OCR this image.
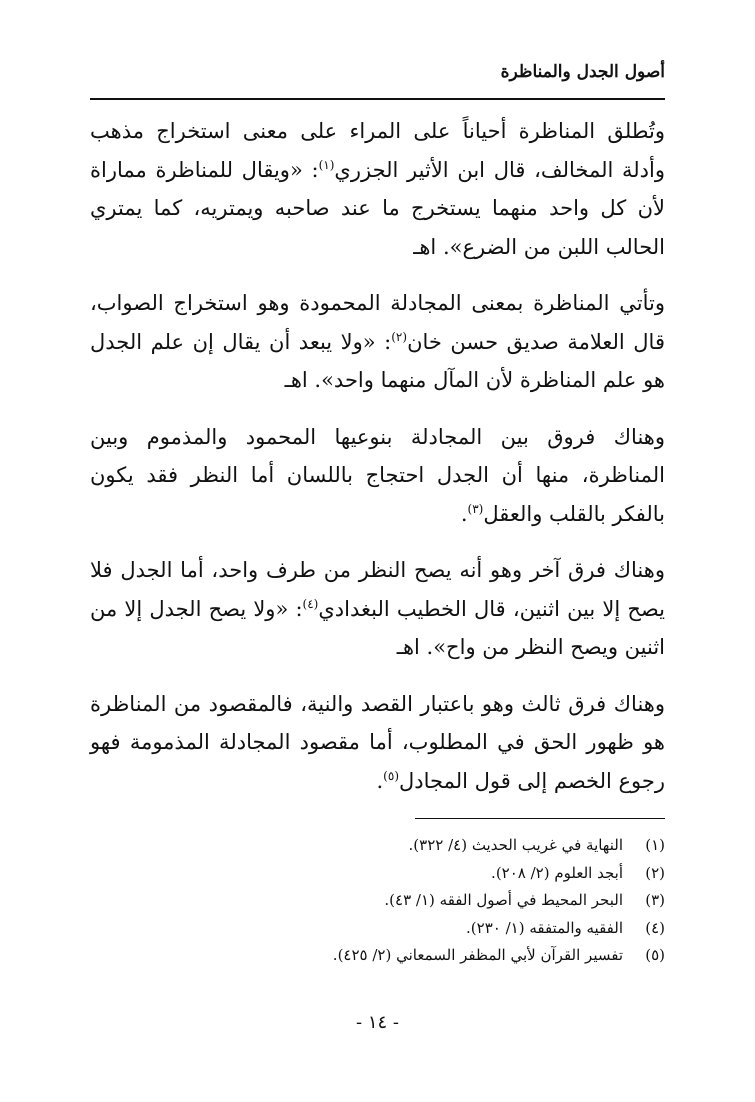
أصول الجدل والمناظرة

وتُطلق المناظرة أحياناً على المراء على معنى استخراج مذهب وأدلة المخالف، قال ابن الأثير الجزري$^{(١)}$: «ويقال للمناظرة مماراة لأن كل واحد منهما يستخرج ما عند صاحبه ويمتريه، كما يمتري الحالب اللبن من الضرع». اهـ

وتأتي المناظرة بمعنى المجادلة المحمودة وهو استخراج الصواب، قال العلامة صديق حسن خان$^{(٢)}$: «ولا يبعد أن يقال إن علم الجدل هو علم المناظرة لأن المآل منهما واحد». اهـ

وهناك فروق بين المجادلة بنوعيها المحمود والمذموم وبين المناظرة، منها أن الجدل احتجاج باللسان أما النظر فقد يكون بالفكر بالقلب والعقل$^{(٣)}$.

وهناك فرق آخر وهو أنه يصح النظر من طرف واحد، أما الجدل فلا يصح إلا بين اثنين، قال الخطيب البغدادي$^{(٤)}$: «ولا يصح الجدل إلا من اثنين ويصح النظر من واح». اهـ

وهناك فرق ثالث وهو باعتبار القصد والنية، فالمقصود من المناظرة هو ظهور الحق في المطلوب، أما مقصود المجادلة المذمومة فهو رجوع الخصم إلى قول المجادل$^{(٥)}$.

(١)
النهاية في غريب الحديث (٤/ ٣٢٢).
(٢)
أبجد العلوم (٢/ ٢٠٨).
(٣)
البحر المحيط في أصول الفقه (١/ ٤٣).
(٤)
الفقيه والمتفقه (١/ ٢٣٠).
(٥)
تفسير القرآن لأبي المظفر السمعاني (٢/ ٤٢٥).
- ١٤ -
